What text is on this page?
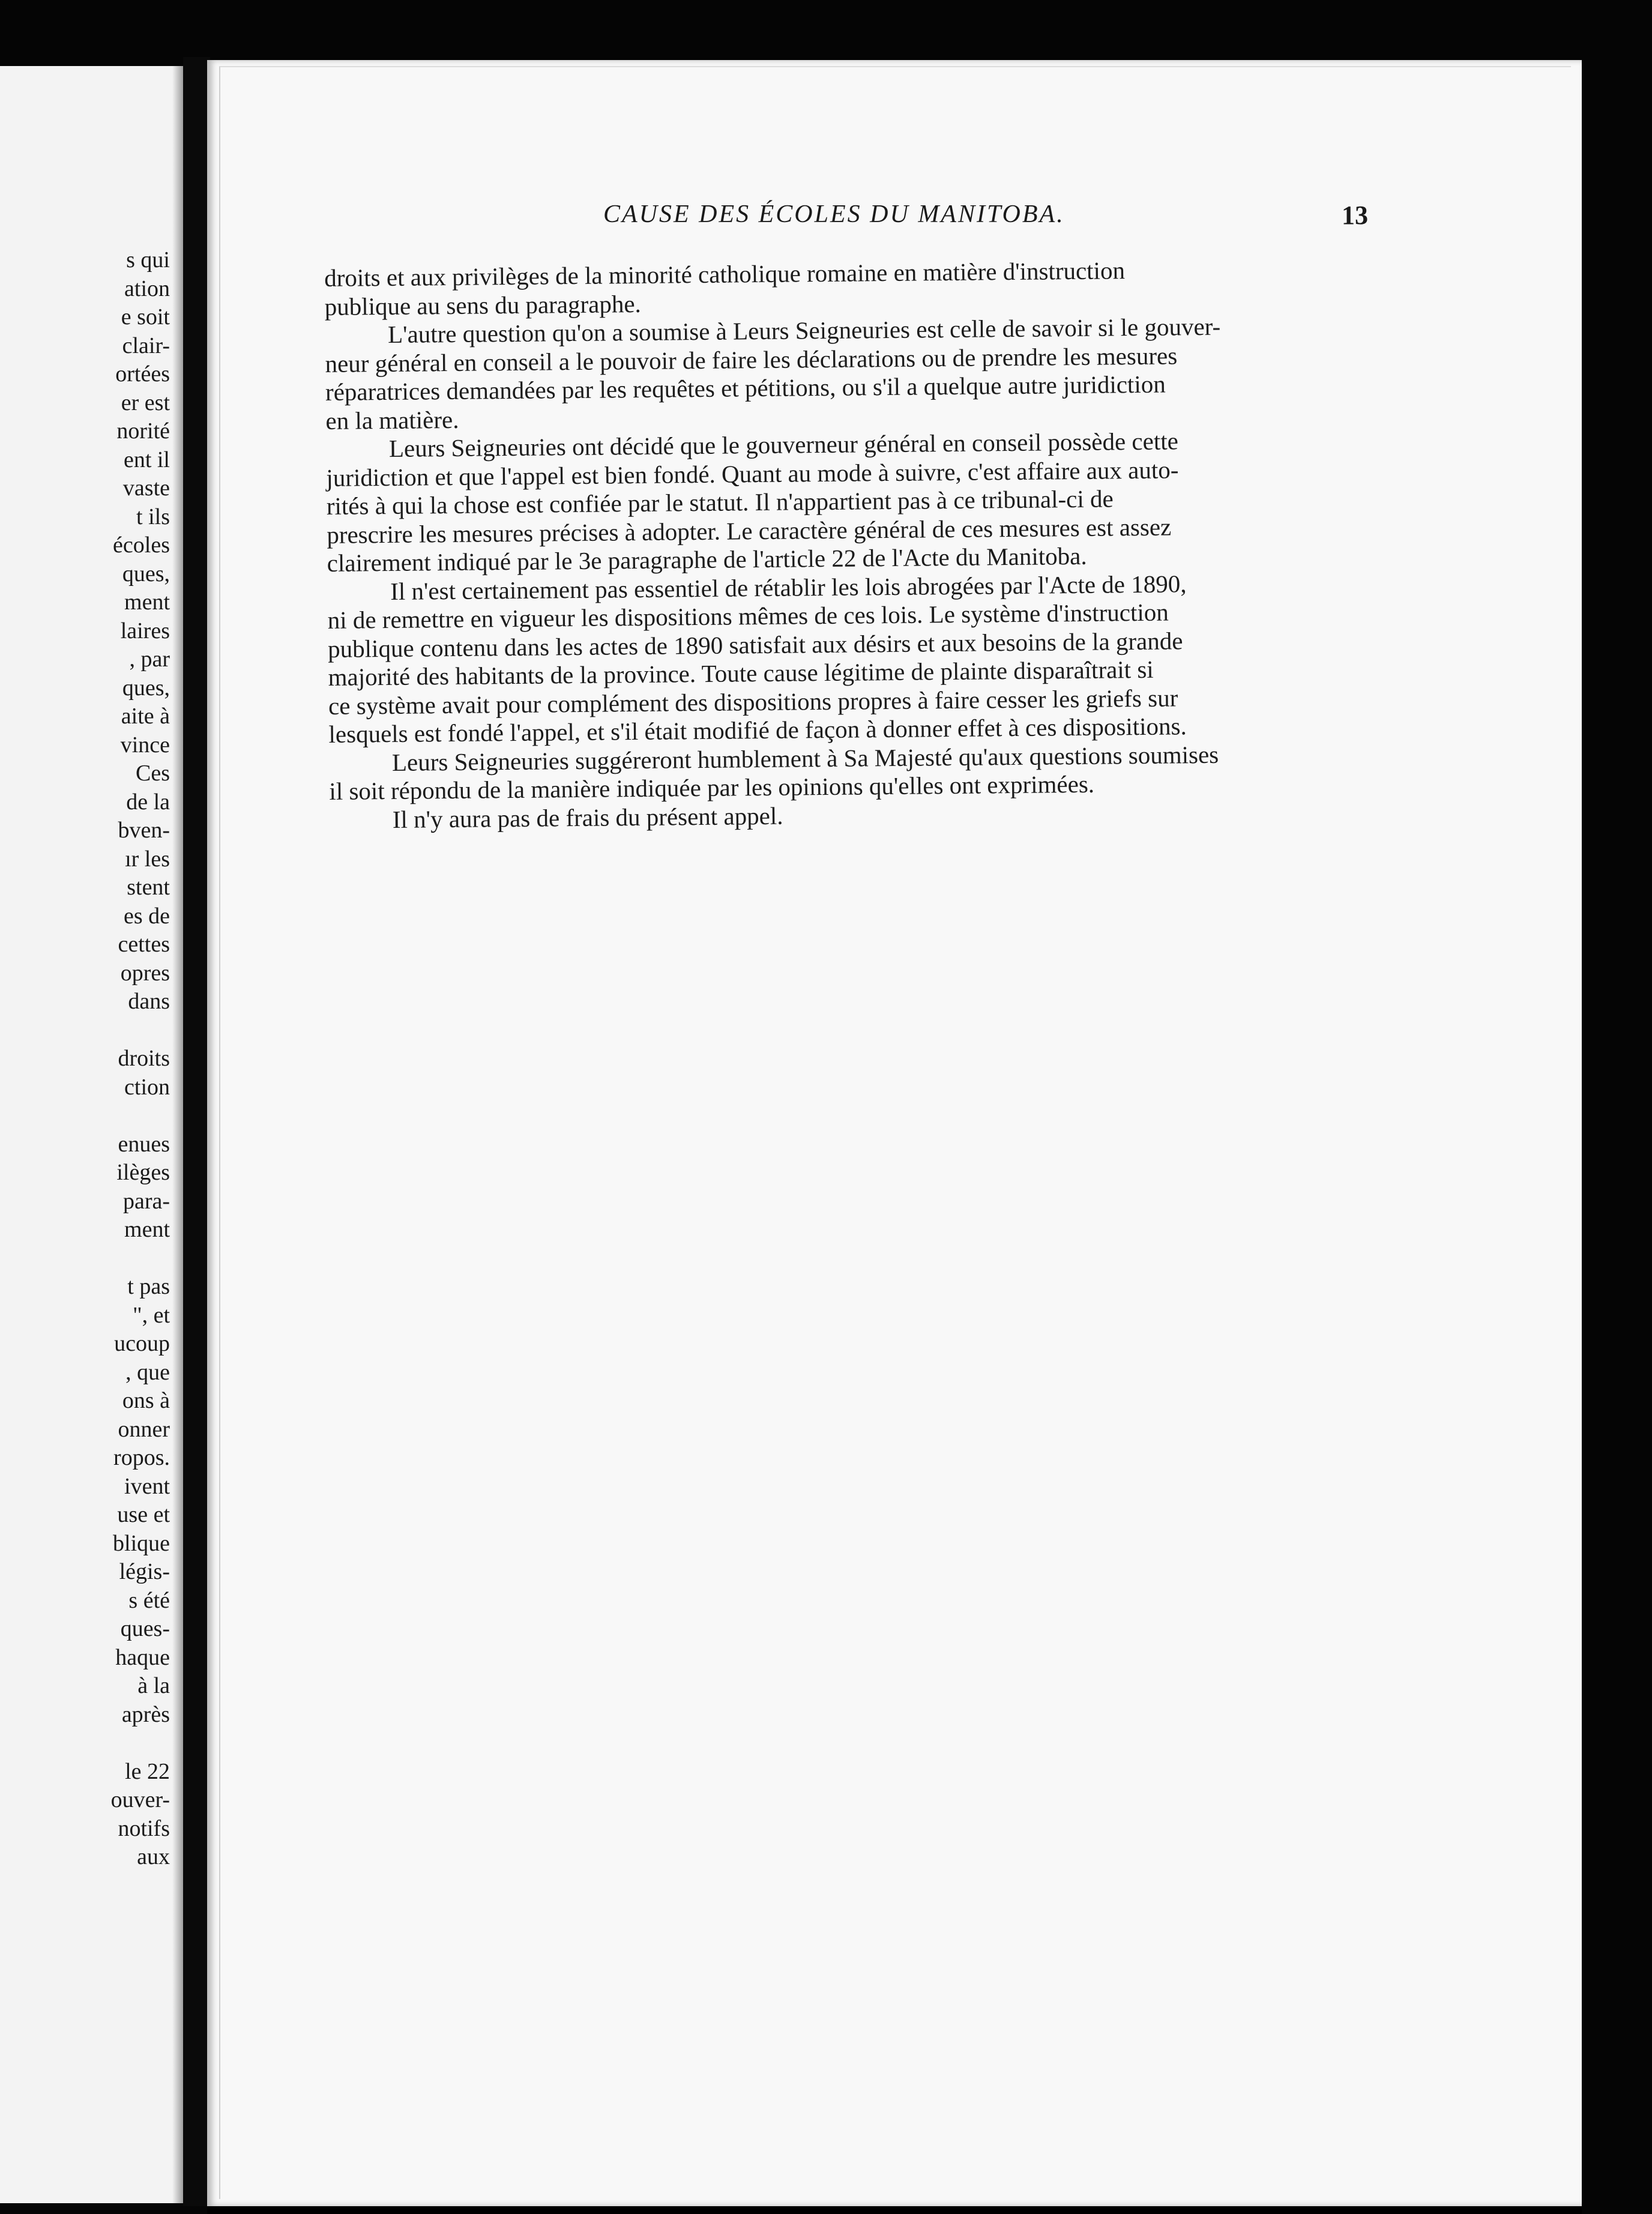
s qui
ation
e soit
clair-
ortées
er est
norité
ent il
vaste
t ils
écoles
ques,
ment
laires
, par
ques,
aite à
vince
Ces
de la
bven-
ır les
stent
es de
cettes
opres
dans
droits
ction
enues
ilèges
para-
ment
t pas
", et
ucoup
, que
ons à
onner
ropos.
ivent
use et
blique
légis-
s été
ques-
haque
à la
après
le 22
ouver-
notifs
aux
CAUSE DES ÉCOLES DU MANITOBA.	13

droits et aux privilèges de la minorité catholique romaine en matière d'instruction
publique au sens du paragraphe.

L'autre question qu'on a soumise à Leurs Seigneuries est celle de savoir si le gouver-
neur général en conseil a le pouvoir de faire les déclarations ou de prendre les mesures
réparatrices demandées par les requêtes et pétitions, ou s'il a quelque autre juridiction
en la matière.

Leurs Seigneuries ont décidé que le gouverneur général en conseil possède cette
juridiction et que l'appel est bien fondé. Quant au mode à suivre, c'est affaire aux auto-
rités à qui la chose est confiée par le statut. Il n'appartient pas à ce tribunal-ci de
prescrire les mesures précises à adopter. Le caractère général de ces mesures est assez
clairement indiqué par le 3e paragraphe de l'article 22 de l'Acte du Manitoba.

Il n'est certainement pas essentiel de rétablir les lois abrogées par l'Acte de 1890,
ni de remettre en vigueur les dispositions mêmes de ces lois. Le système d'instruction
publique contenu dans les actes de 1890 satisfait aux désirs et aux besoins de la grande
majorité des habitants de la province. Toute cause légitime de plainte disparaîtrait si
ce système avait pour complément des dispositions propres à faire cesser les griefs sur
lesquels est fondé l'appel, et s'il était modifié de façon à donner effet à ces dispositions.

Leurs Seigneuries suggéreront humblement à Sa Majesté qu'aux questions soumises
il soit répondu de la manière indiquée par les opinions qu'elles ont exprimées.

Il n'y aura pas de frais du présent appel.
